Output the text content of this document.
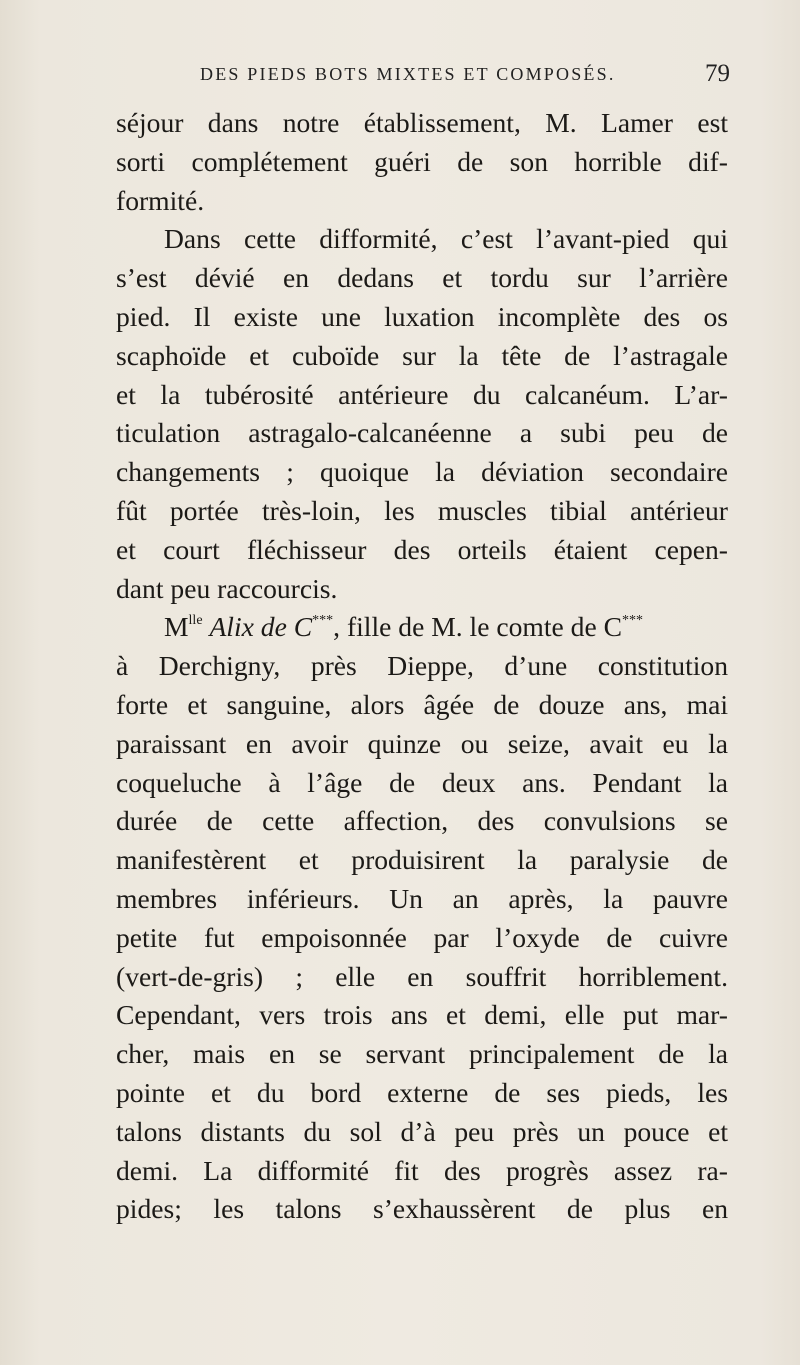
DES PIEDS BOTS MIXTES ET COMPOSÉS.	79
séjour dans notre établissement, M. Lamer est
sorti complétement guéri de son horrible dif-
formité.
Dans cette difformité, c’est l’avant-pied qui
s’est dévié en dedans et tordu sur l’arrière
pied. Il existe une luxation incomplète des os
scaphoïde et cuboïde sur la tête de l’astragale
et la tubérosité antérieure du calcanéum. L’ar-
ticulation astragalo-calcanéenne a subi peu de
changements ; quoique la déviation secondaire
fût portée très-loin, les muscles tibial antérieur
et court fléchisseur des orteils étaient cepen-
dant peu raccourcis.
$M^{lle}$ Alix de C***, fille de M. le comte de C***
à Derchigny, près Dieppe, d’une constitution
forte et sanguine, alors âgée de douze ans, mai
paraissant en avoir quinze ou seize, avait eu la
coqueluche à l’âge de deux ans. Pendant la
durée de cette affection, des convulsions se
manifestèrent et produisirent la paralysie de
membres inférieurs. Un an après, la pauvre
petite fut empoisonnée par l’oxyde de cuivre
(vert-de-gris) ; elle en souffrit horriblement.
Cependant, vers trois ans et demi, elle put mar-
cher, mais en se servant principalement de la
pointe et du bord externe de ses pieds, les
talons distants du sol d’à peu près un pouce et
demi. La difformité fit des progrès assez ra-
pides; les talons s’exhaussèrent de plus en
